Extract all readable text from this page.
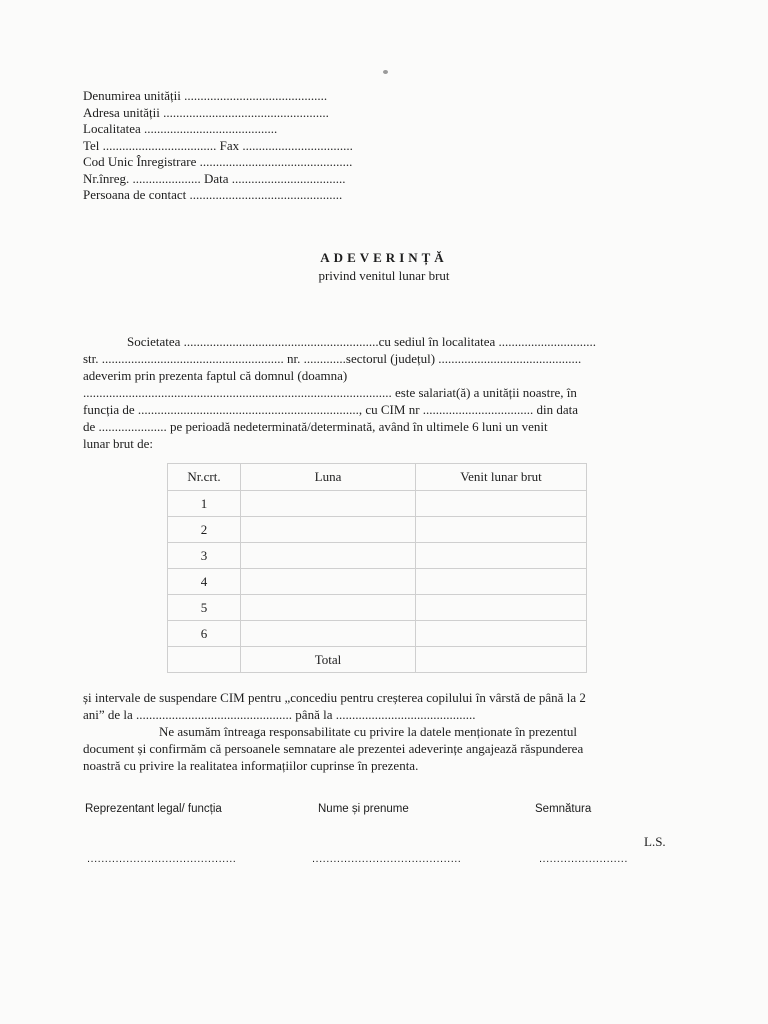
Denumirea unității ............................................
Adresa unității ...................................................
Localitatea .........................................
Tel ................................... Fax ..................................
Cod Unic Înregistrare ...............................................
Nr.înreg. ..................... Data ...................................
Persoana de contact ...............................................
ADEVERINȚĂ
privind venitul lunar brut
Societatea ............................................................cu sediul în localitatea ..............................
str. ........................................................ nr. .............sectorul (județul) ............................................
adeverim prin prezenta faptul că domnul (doamna)
............................................................................................... este salariat(ă) a unității noastre, în
funcția de ...................................................................., cu CIM nr .................................. din data
de ..................... pe perioadă nedeterminată/determinată, având în ultimele 6 luni un venit
lunar brut de:
Nr.crt.	Luna	Venit lunar brut
1		
2		
3		
4		
5		
6		
	Total	
și intervale de suspendare CIM pentru „concediu pentru creșterea copilului în vârstă de până la 2
ani” de la ................................................ până la ...........................................
Ne asumăm întreaga responsabilitate cu privire la datele menționate în prezentul
document și confirmăm că persoanele semnatare ale prezentei adeverințe angajează răspunderea
noastră cu privire la realitatea informațiilor cuprinse în prezenta.
Reprezentant legal/ funcția	Nume și prenume	Semnătura
L.S.
..........................................	..........................................	.........................
